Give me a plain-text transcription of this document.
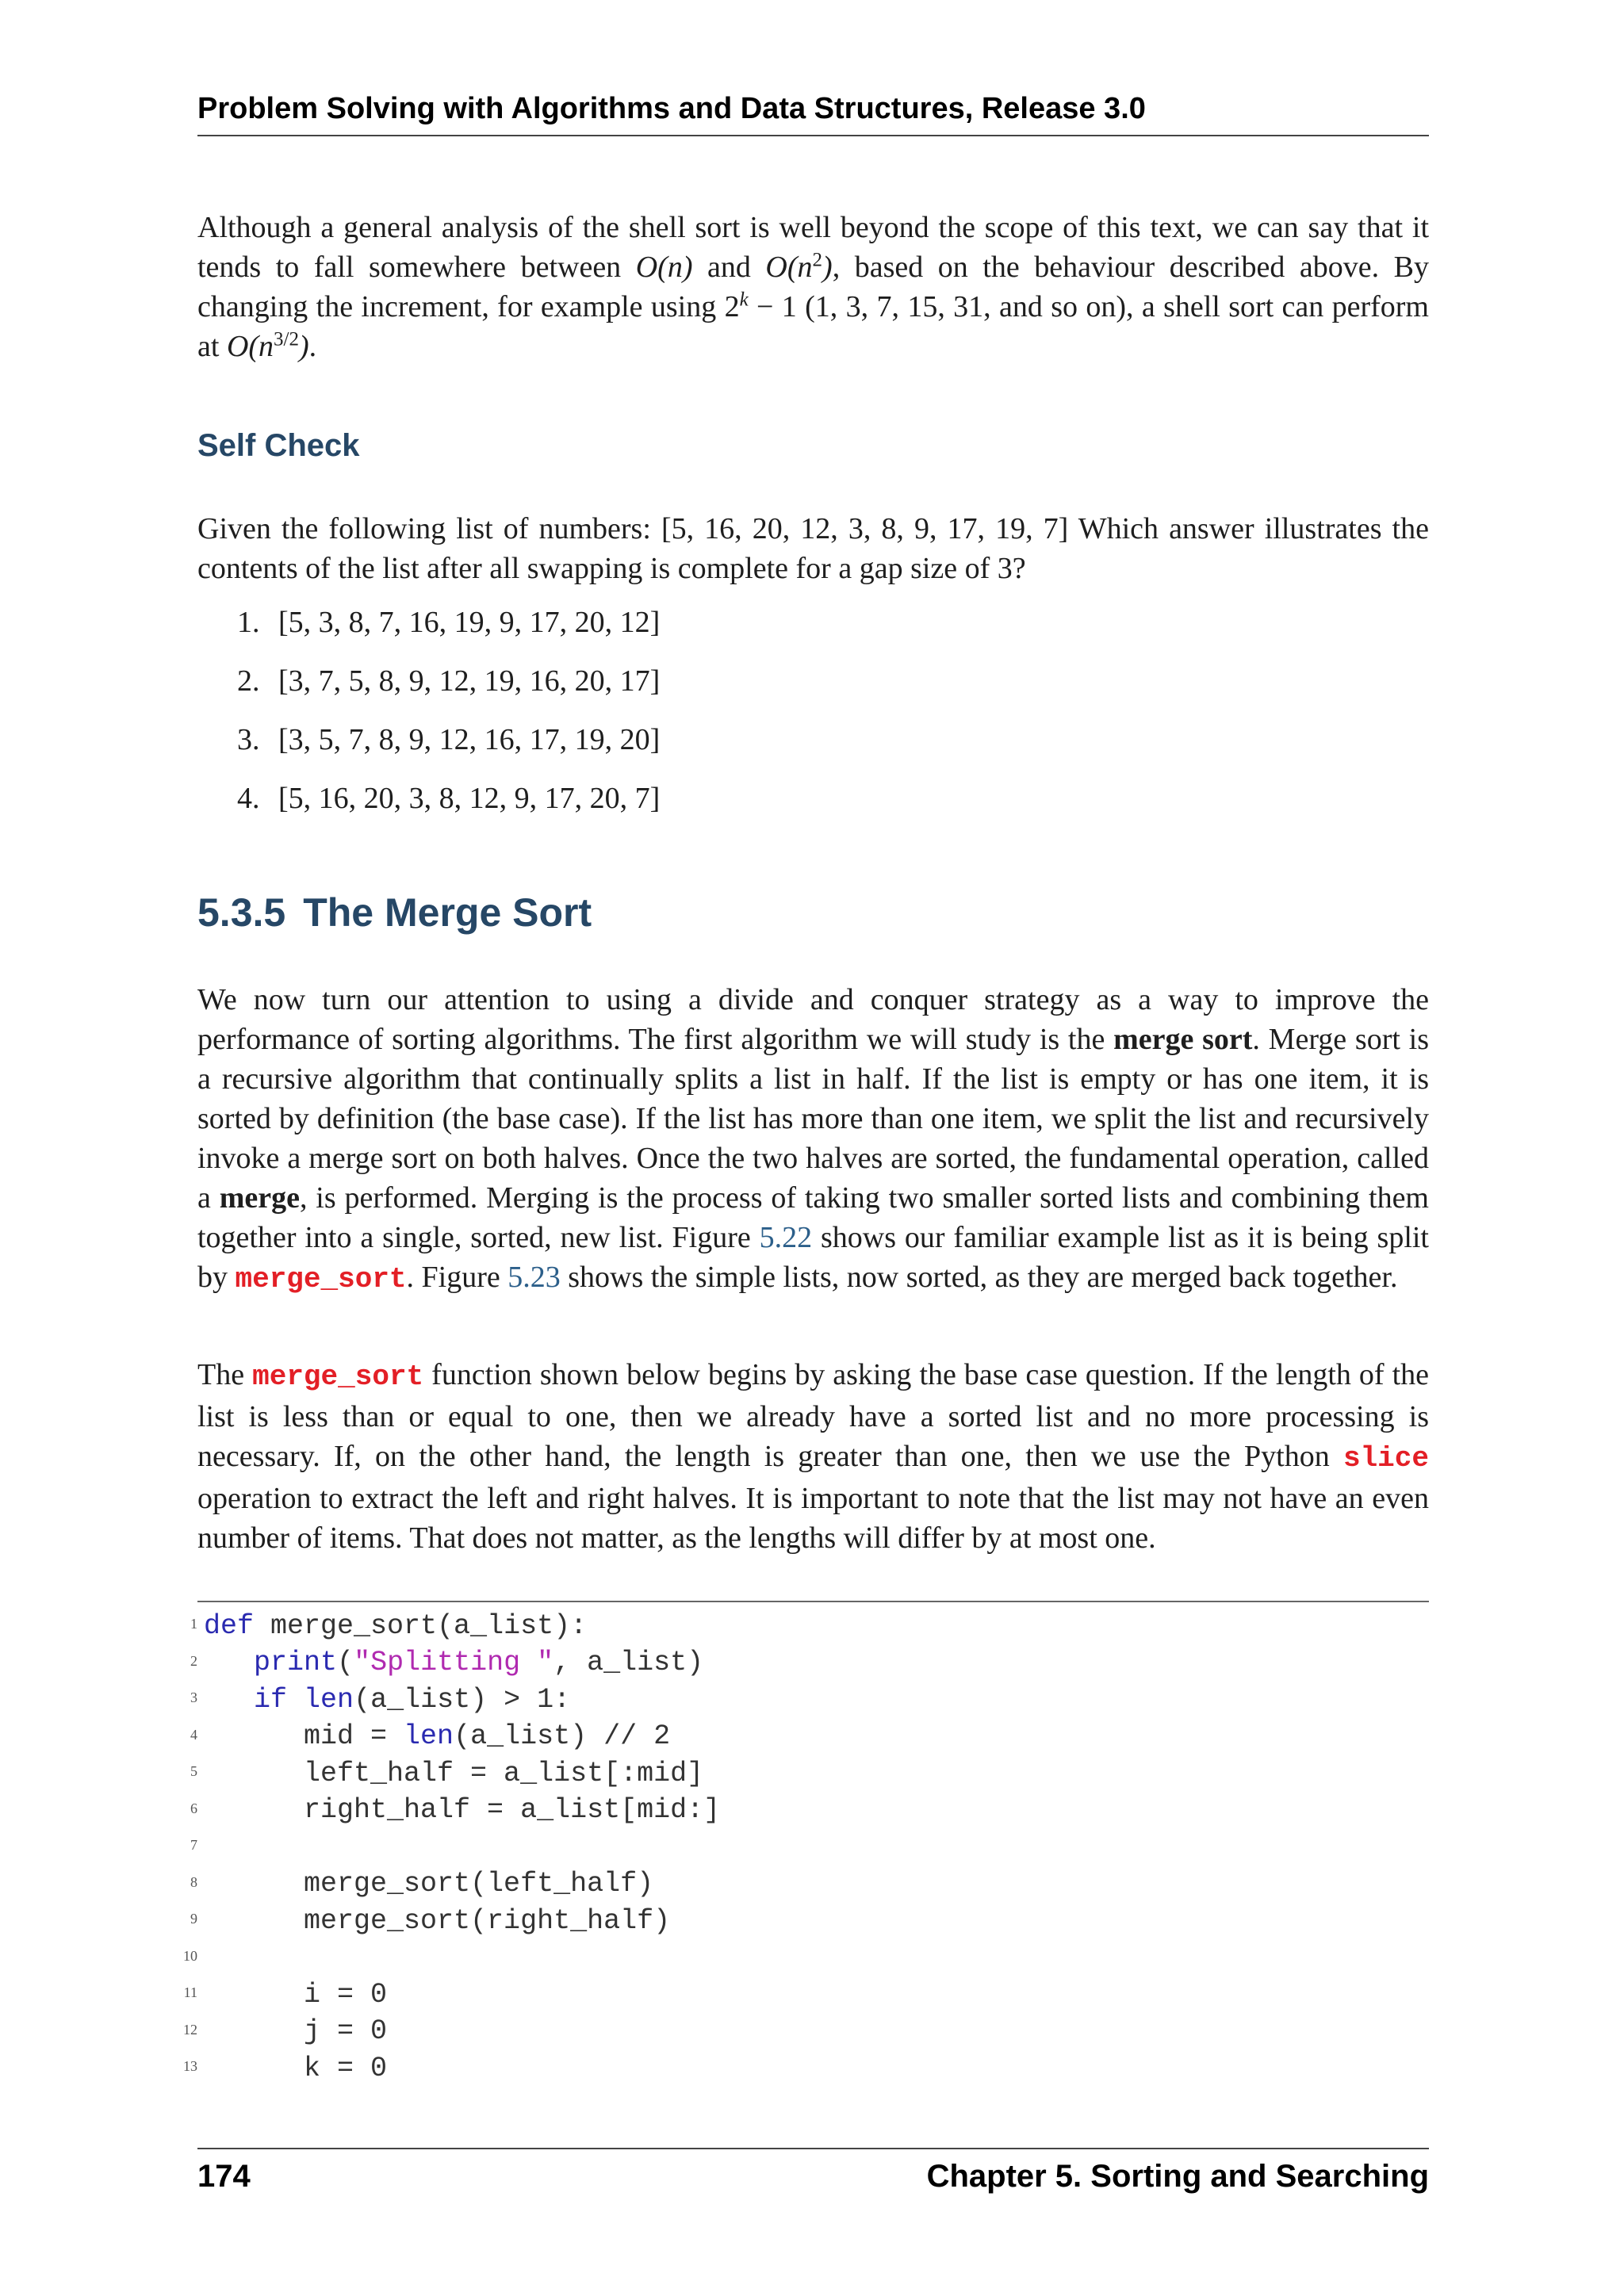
Problem Solving with Algorithms and Data Structures, Release 3.0
Although a general analysis of the shell sort is well beyond the scope of this text, we can say that it tends to fall somewhere between O(n) and $O(n^2)$, based on the behaviour described above. By changing the increment, for example using $2^k - 1$ (1, 3, 7, 15, 31, and so on), a shell sort can perform at $O(n^{3/2})$.
Self Check
Given the following list of numbers: [5, 16, 20, 12, 3, 8, 9, 17, 19, 7] Which answer illustrates the contents of the list after all swapping is complete for a gap size of 3?
1. [5, 3, 8, 7, 16, 19, 9, 17, 20, 12]
2. [3, 7, 5, 8, 9, 12, 19, 16, 20, 17]
3. [3, 5, 7, 8, 9, 12, 16, 17, 19, 20]
4. [5, 16, 20, 3, 8, 12, 9, 17, 20, 7]
5.3.5 The Merge Sort
We now turn our attention to using a divide and conquer strategy as a way to improve the performance of sorting algorithms. The first algorithm we will study is the merge sort. Merge sort is a recursive algorithm that continually splits a list in half. If the list is empty or has one item, it is sorted by definition (the base case). If the list has more than one item, we split the list and recursively invoke a merge sort on both halves. Once the two halves are sorted, the fundamental operation, called a merge, is performed. Merging is the process of taking two smaller sorted lists and combining them together into a single, sorted, new list. Figure 5.22 shows our familiar example list as it is being split by merge_sort. Figure 5.23 shows the simple lists, now sorted, as they are merged back together.
The merge_sort function shown below begins by asking the base case question. If the length of the list is less than or equal to one, then we already have a sorted list and no more processing is necessary. If, on the other hand, the length is greater than one, then we use the Python slice operation to extract the left and right halves. It is important to note that the list may not have an even number of items. That does not matter, as the lengths will differ by at most one.
1 def merge_sort(a_list):
2 print("Splitting ", a_list)
3 if len(a_list) > 1:
4      mid = len(a_list) // 2
5      left_half = a_list[:mid]
6      right_half = a_list[mid:]
7
8      merge_sort(left_half)
9      merge_sort(right_half)
10
11      i = 0
12      j = 0
13      k = 0
174	Chapter 5. Sorting and Searching
